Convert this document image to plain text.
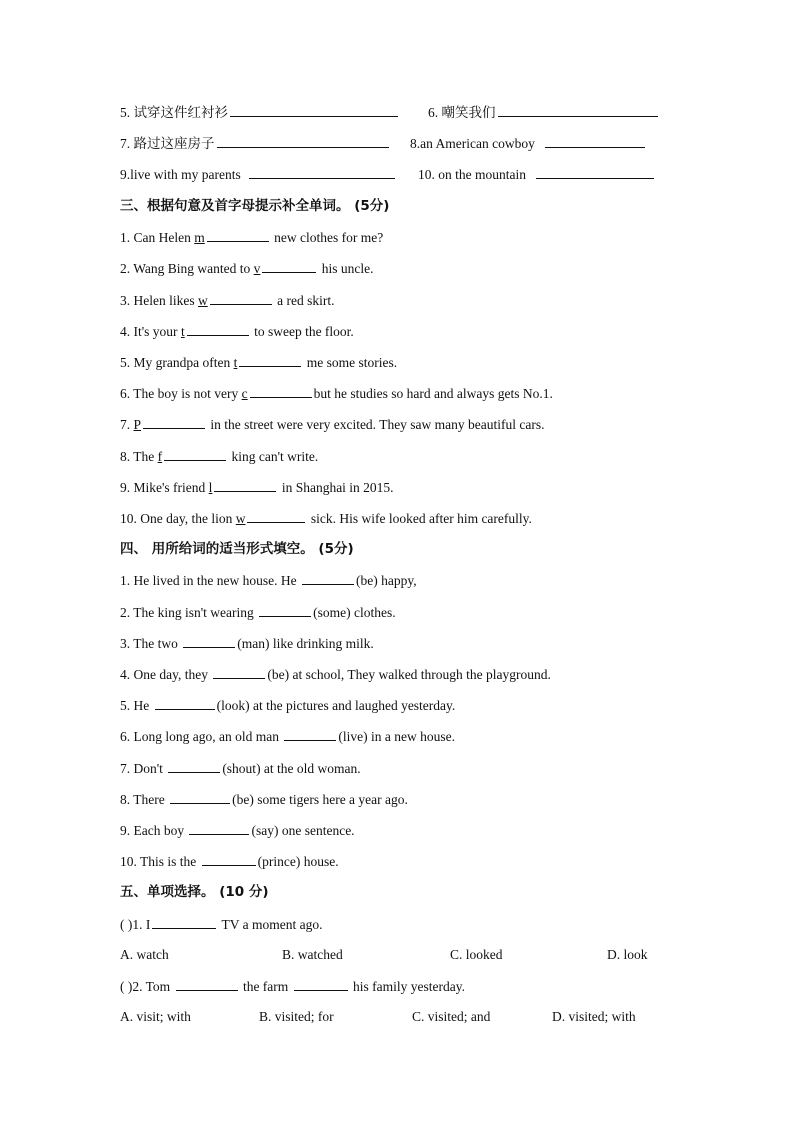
5. 试穿这件红衬衫	6. 嘲笑我们
7. 路过这座房子	8.an American cowboy
9.live with my parents	10. on the mountain
三、根据句意及首字母提示补全单词。 (5分)
1. Can Helen m	new clothes for me?
2. Wang Bing wanted to v	his uncle.
3. Helen likes w	a red skirt.
4. It's your t	to sweep the floor.
5. My grandpa often t	me some stories.
6. The boy is not very c	but he studies so hard and always gets No.1.
7. P	in the street were very excited. They saw many beautiful cars.
8. The f	king can't write.
9. Mike's friend l	in Shanghai in 2015.
10. One day, the lion w	sick. His wife looked after him carefully.
四、 用所给词的适当形式填空。 (5分)
1. He lived in the new house. He	(be) happy,
2. The king isn't wearing	(some) clothes.
3. The two	(man) like drinking milk.
4. One day, they	(be) at school, They walked through the playground.
5. He	(look) at the pictures and laughed yesterday.
6. Long long ago, an old man	(live) in a new house.
7. Don't	(shout) at the old woman.
8. There	(be) some tigers here a year ago.
9. Each boy	(say) one sentence.
10. This is the	(prince) house.
五、单项选择。 (10 分)
( )1. I	TV a moment ago.
A. watch	B. watched	C. looked	D. look
( )2. Tom	the farm	his family yesterday.
A. visit; with	B. visited; for	C. visited; and	D. visited; with
